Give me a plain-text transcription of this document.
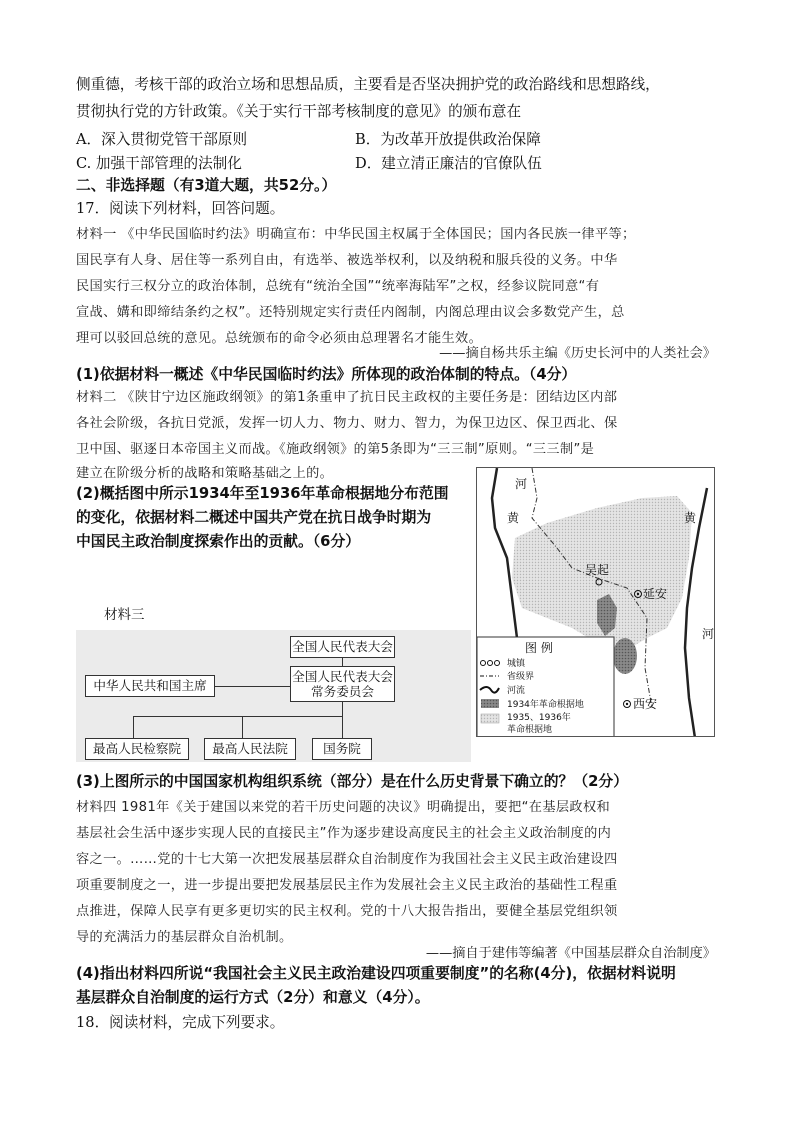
侧重德，考核干部的政治立场和思想品质，主要看是否坚决拥护党的政治路线和思想路线，
贯彻执行党的方针政策。《关于实行干部考核制度的意见》的颁布意在
A．深入贯彻党管干部原则	B．为改革开放提供政治保障
C. 加强干部管理的法制化	D．建立清正廉洁的官僚队伍
二、非选择题（有3道大题，共52分。）
17．阅读下列材料，回答问题。
材料一 《中华民国临时约法》明确宣布：中华民国主权属于全体国民；国内各民族一律平等；
国民享有人身、居住等一系列自由，有选举、被选举权利，以及纳税和服兵役的义务。中华
民国实行三权分立的政治体制，总统有“统治全国”“统率海陆军”之权，经参议院同意“有
宣战、媾和即缔结条约之权”。还特别规定实行责任内阁制，内阁总理由议会多数党产生，总
理可以驳回总统的意见。总统颁布的命令必须由总理署名才能生效。
——摘自杨共乐主编《历史长河中的人类社会》
(1)依据材料一概述《中华民国临时约法》所体现的政治体制的特点。（4分）
材料二 《陕甘宁边区施政纲领》的第1条重申了抗日民主政权的主要任务是：团结边区内部
各社会阶级，各抗日党派，发挥一切人力、物力、财力、智力，为保卫边区、保卫西北、保
卫中国、驱逐日本帝国主义而战。《施政纲领》的第5条即为“三三制”原则。“三三制”是
建立在阶级分析的战略和策略基础之上的。
(2)概括图中所示1934年至1936年革命根据地分布范围
的变化，依据材料二概述中国共产党在抗日战争时期为
中国民主政治制度探索作出的贡献。（6分）
河
黄	黄
河
吴起
延安
西安
图 例
城镇
省级界
河流
1934年革命根据地
1935、1936年
革命根据地
材料三
全国人民代表大会
全国人民代表大会
常务委员会
中华人民共和国主席
最高人民检察院	最高人民法院	国务院
(3)上图所示的中国国家机构组织系统（部分）是在什么历史背景下确立的？（2分）
材料四 1981年《关于建国以来党的若干历史问题的决议》明确提出，要把“在基层政权和
基层社会生活中逐步实现人民的直接民主”作为逐步建设高度民主的社会主义政治制度的内
容之一。……党的十七大第一次把发展基层群众自治制度作为我国社会主义民主政治建设四
项重要制度之一，进一步提出要把发展基层民主作为发展社会主义民主政治的基础性工程重
点推进，保障人民享有更多更切实的民主权利。党的十八大报告指出，要健全基层党组织领
导的充满活力的基层群众自治机制。
——摘自于建伟等编著《中国基层群众自治制度》
(4)指出材料四所说“我国社会主义民主政治建设四项重要制度”的名称(4分)，依据材料说明
基层群众自治制度的运行方式（2分）和意义（4分）。
18．阅读材料，完成下列要求。
